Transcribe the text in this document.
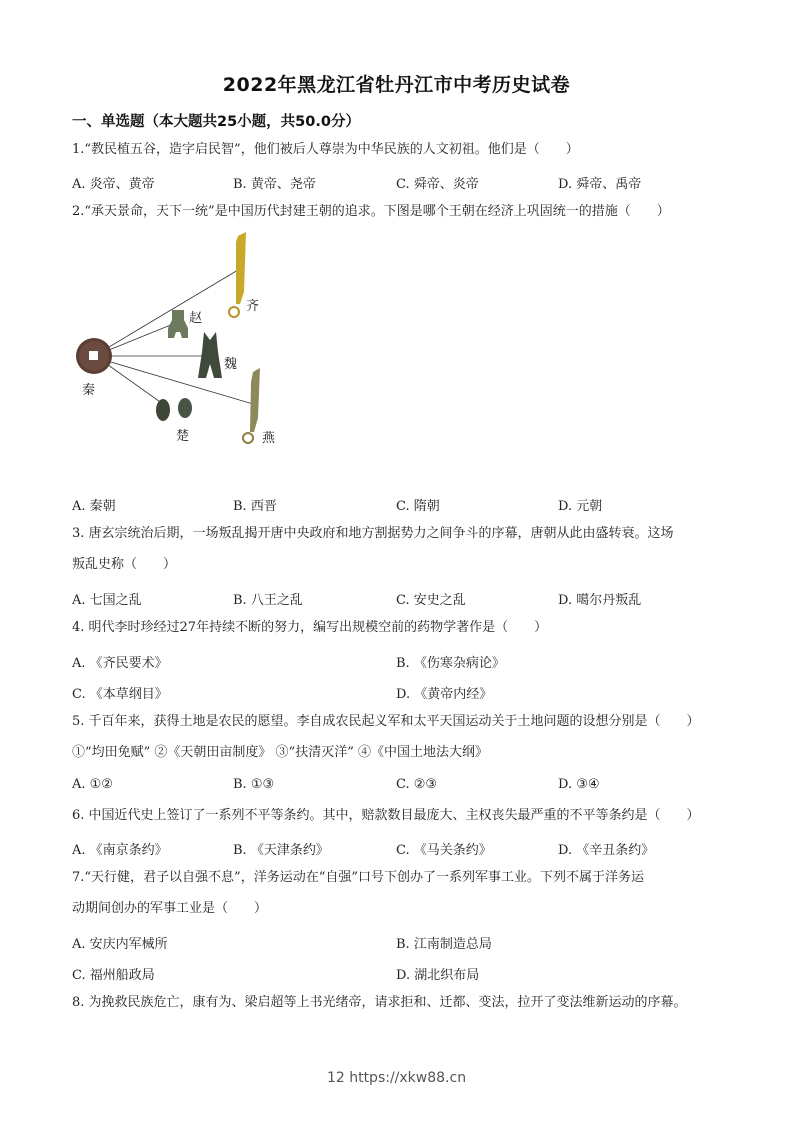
2022年黑龙江省牡丹江市中考历史试卷
一、单选题（本大题共25小题，共50.0分）
1.“教民植五谷，造字启民智”，他们被后人尊崇为中华民族的人文初祖。他们是（　　）
A. 炎帝、黄帝	B. 黄帝、尧帝	C. 舜帝、炎帝	D. 舜帝、禹帝
2.“承天景命，天下一统”是中国历代封建王朝的追求。下图是哪个王朝在经济上巩固统一的措施（　　）
齐
赵
魏
楚	燕
秦
A. 秦朝	B. 西晋	C. 隋朝	D. 元朝
3. 唐玄宗统治后期，一场叛乱揭开唐中央政府和地方割据势力之间争斗的序幕，唐朝从此由盛转衰。这场
叛乱史称（　　）
A. 七国之乱	B. 八王之乱	C. 安史之乱	D. 噶尔丹叛乱
4. 明代李时珍经过27年持续不断的努力，编写出规模空前的药物学著作是（　　）
A. 《齐民要术》	B. 《伤寒杂病论》
C. 《本草纲目》	D. 《黄帝内经》
5. 千百年来，获得土地是农民的愿望。李自成农民起义军和太平天国运动关于土地问题的设想分别是（　　）
①“均田免赋” ②《天朝田亩制度》 ③“扶清灭洋” ④《中国土地法大纲》
A. ①②	B. ①③	C. ②③	D. ③④
6. 中国近代史上签订了一系列不平等条约。其中，赔款数目最庞大、主权丧失最严重的不平等条约是（　　）
A. 《南京条约》	B. 《天津条约》	C. 《马关条约》	D. 《辛丑条约》
7.“天行健，君子以自强不息”，洋务运动在“自强”口号下创办了一系列军事工业。下列不属于洋务运
动期间创办的军事工业是（　　）
A. 安庆内军械所	B. 江南制造总局
C. 福州船政局	D. 湖北织布局
8. 为挽救民族危亡，康有为、梁启超等上书光绪帝，请求拒和、迁都、变法，拉开了变法维新运动的序幕。
12 https://xkw88.cn
